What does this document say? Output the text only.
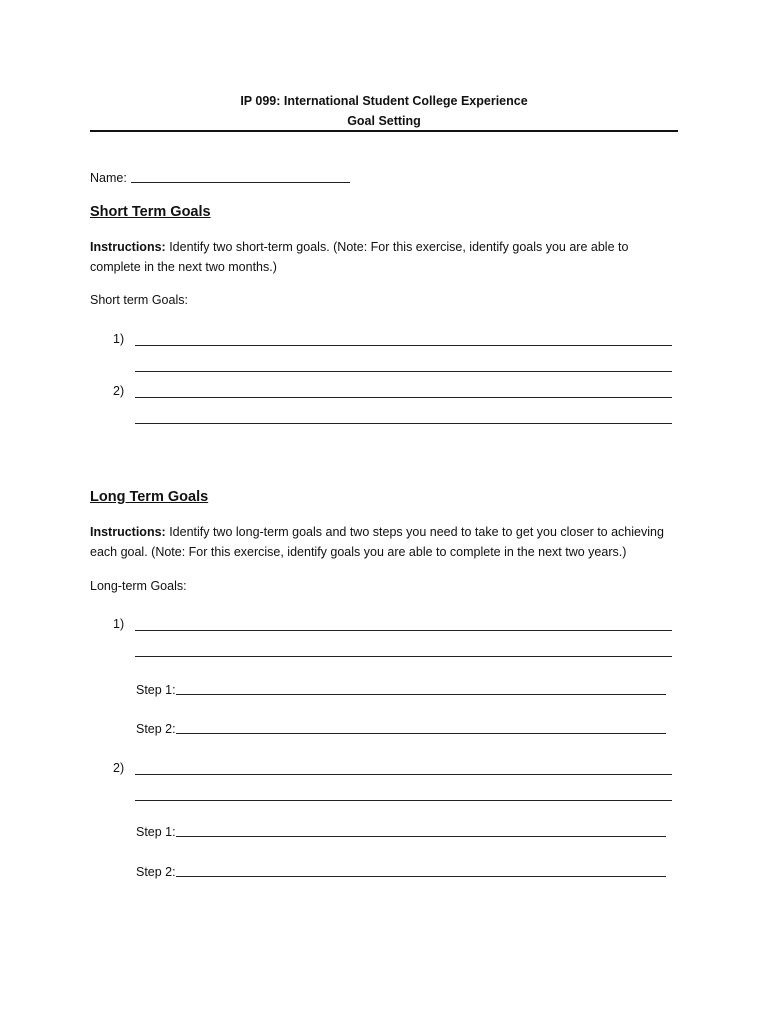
IP 099: International Student College Experience
Goal Setting
Name:
Short Term Goals
Instructions: Identify two short-term goals. (Note: For this exercise, identify goals you are able to complete in the next two months.)
Short term Goals:
1)
2)
Long Term Goals
Instructions: Identify two long-term goals and two steps you need to take to get you closer to achieving each goal. (Note: For this exercise, identify goals you are able to complete in the next two years.)
Long-term Goals:
1)
Step 1:
Step 2:
2)
Step 1:
Step 2:
